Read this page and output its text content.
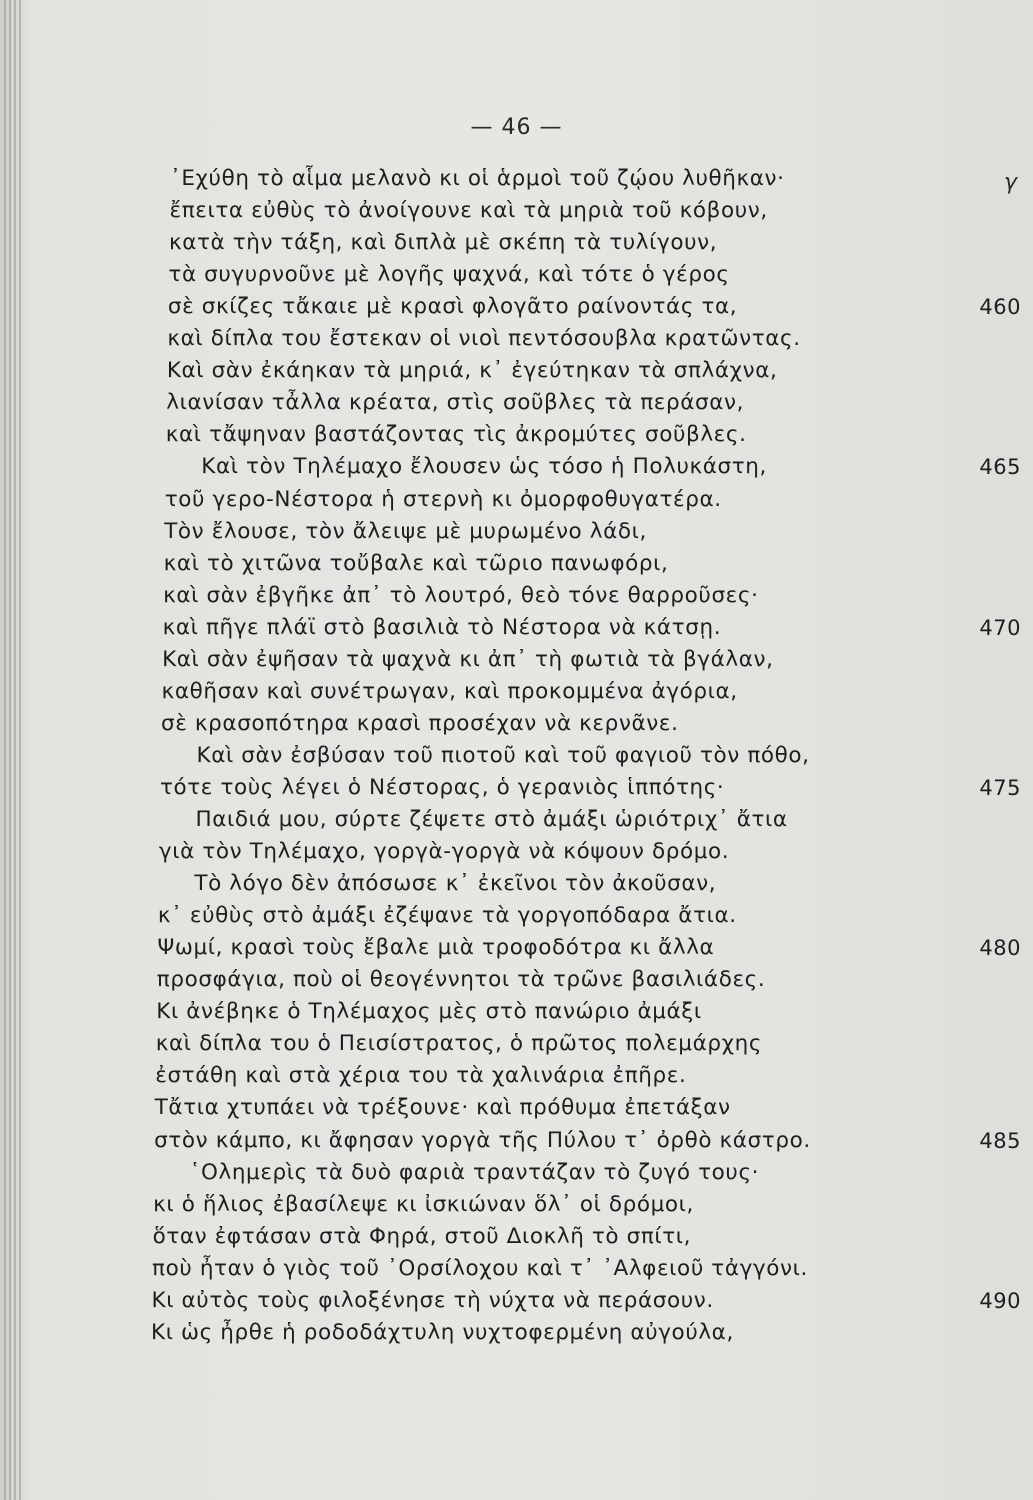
— 46 —
γ
᾿Εχύθη τὸ αἷμα μελανὸ κι οἱ ἁρμοὶ τοῦ ζῴου λυθῆκαν·
ἔπειτα εὐθὺς τὸ ἀνοίγουνε καὶ τὰ μηριὰ τοῦ κόβουν,
κατὰ τὴν τάξη, καὶ διπλὰ μὲ σκέπη τὰ τυλίγουν,
τὰ συγυρνοῦνε μὲ λογῆς ψαχνά, καὶ τότε ὁ γέρος
σὲ σκίζες τἄκαιε μὲ κρασὶ φλογᾶτο ραίνοντάς τα,	460
καὶ δίπλα του ἔστεκαν οἱ νιοὶ πεντόσουβλα κρατῶντας.
Καὶ σὰν ἐκάηκαν τὰ μηριά, κ᾿ ἐγεύτηκαν τὰ σπλάχνα,
λιανίσαν τἆλλα κρέατα, στὶς σοῦβλες τὰ περάσαν,
καὶ τἄψηναν βαστάζοντας τὶς ἀκρομύτες σοῦβλες.
Καὶ τὸν Τηλέμαχο ἔλουσεν ὡς τόσο ἡ Πολυκάστη,	465
τοῦ γερο-Νέστορα ἡ στερνὴ κι ὀμορφοθυγατέρα.
Τὸν ἔλουσε, τὸν ἄλειψε μὲ μυρωμένο λάδι,
καὶ τὸ χιτῶνα τοὔβαλε καὶ τῶριο πανωφόρι,
καὶ σὰν ἐβγῆκε ἀπ᾿ τὸ λουτρό, θεὸ τόνε θαρροῦσες·
καὶ πῆγε πλάϊ στὸ βασιλιὰ τὸ Νέστορα νὰ κάτσῃ.	470
Καὶ σὰν ἐψῆσαν τὰ ψαχνὰ κι ἀπ᾿ τὴ φωτιὰ τὰ βγάλαν,
καθῆσαν καὶ συνέτρωγαν, καὶ προκομμένα ἀγόρια,
σὲ κρασοπότηρα κρασὶ προσέχαν νὰ κερνᾶνε.
Καὶ σὰν ἐσβύσαν τοῦ πιοτοῦ καὶ τοῦ φαγιοῦ τὸν πόθο,
τότε τοὺς λέγει ὁ Νέστορας, ὁ γερανιὸς ἱππότης·	475
Παιδιά μου, σύρτε ζέψετε στὸ ἀμάξι ὡριότριχ᾿ ἄτια
γιὰ τὸν Τηλέμαχο, γοργὰ-γοργὰ νὰ κόψουν δρόμο.
Τὸ λόγο δὲν ἀπόσωσε κ᾿ ἐκεῖνοι τὸν ἀκοῦσαν,
κ᾿ εὐθὺς στὸ ἀμάξι ἐζέψανε τὰ γοργοπόδαρα ἄτια.
Ψωμί, κρασὶ τοὺς ἔβαλε μιὰ τροφοδότρα κι ἄλλα	480
προσφάγια, ποὺ οἱ θεογέννητοι τὰ τρῶνε βασιλιάδες.
Κι ἀνέβηκε ὁ Τηλέμαχος μὲς στὸ πανώριο ἀμάξι
καὶ δίπλα του ὁ Πεισίστρατος, ὁ πρῶτος πολεμάρχης
ἐστάθη καὶ στὰ χέρια του τὰ χαλινάρια ἐπῆρε.
Τἄτια χτυπάει νὰ τρέξουνε· καὶ πρόθυμα ἐπετάξαν
στὸν κάμπο, κι ἄφησαν γοργὰ τῆς Πύλου τ᾿ ὀρθὸ κάστρο.	485
῾Ολημερὶς τὰ δυὸ φαριὰ τραντάζαν τὸ ζυγό τους·
κι ὁ ἥλιος ἐβασίλεψε κι ἰσκιώναν ὅλ᾿ οἱ δρόμοι,
ὅταν ἐφτάσαν στὰ Φηρά, στοῦ Διοκλῆ τὸ σπίτι,
ποὺ ἦταν ὁ γιὸς τοῦ ᾿Ορσίλοχου καὶ τ᾿ ᾿Αλφειοῦ τἀγγόνι.
Κι αὐτὸς τοὺς φιλοξένησε τὴ νύχτα νὰ περάσουν.	490
Κι ὡς ἦρθε ἡ ροδοδάχτυλη νυχτοφερμένη αὐγούλα,
